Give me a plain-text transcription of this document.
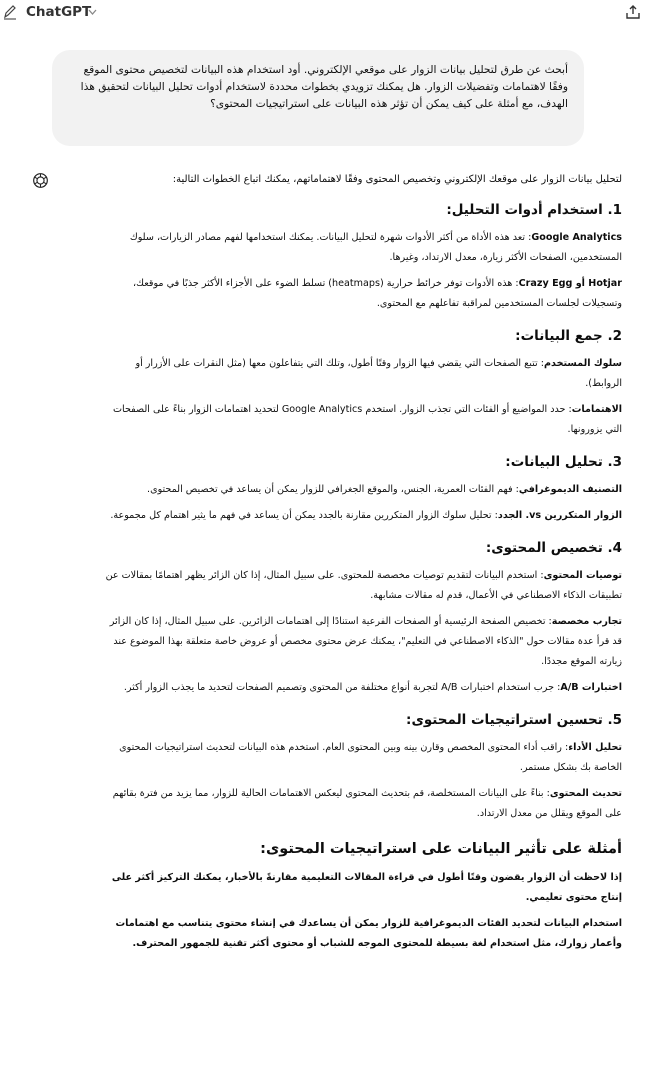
ChatGPT

أبحث عن طرق لتحليل بيانات الزوار على موقعي الإلكتروني. أود استخدام هذه البيانات لتخصيص محتوى الموقع وفقًا لاهتمامات وتفضيلات الزوار. هل يمكنك تزويدي بخطوات محددة لاستخدام أدوات تحليل البيانات لتحقيق هذا الهدف، مع أمثلة على كيف يمكن أن تؤثر هذه البيانات على استراتيجيات المحتوى؟

لتحليل بيانات الزوار على موقعك الإلكتروني وتخصيص المحتوى وفقًا لاهتماماتهم، يمكنك اتباع الخطوات التالية:

1. استخدام أدوات التحليل:

Google Analytics: تعد هذه الأداة من أكثر الأدوات شهرة لتحليل البيانات. يمكنك استخدامها لفهم مصادر الزيارات، سلوك المستخدمين، الصفحات الأكثر زيارة، معدل الارتداد، وغيرها.

Hotjar أو Crazy Egg: هذه الأدوات توفر خرائط حرارية (heatmaps) تسلط الضوء على الأجزاء الأكثر جذبًا في موقعك، وتسجيلات لجلسات المستخدمين لمراقبة تفاعلهم مع المحتوى.

2. جمع البيانات:

سلوك المستخدم: تتبع الصفحات التي يقضي فيها الزوار وقتًا أطول، وتلك التي يتفاعلون معها (مثل النقرات على الأزرار أو الروابط).

الاهتمامات: حدد المواضيع أو الفئات التي تجذب الزوار. استخدم Google Analytics لتحديد اهتمامات الزوار بناءً على الصفحات التي يزورونها.

3. تحليل البيانات:

التصنيف الديموغرافي: فهم الفئات العمرية، الجنس، والموقع الجغرافي للزوار يمكن أن يساعد في تخصيص المحتوى.

الزوار المتكررين vs. الجدد: تحليل سلوك الزوار المتكررين مقارنة بالجدد يمكن أن يساعد في فهم ما يثير اهتمام كل مجموعة.

4. تخصيص المحتوى:

توصيات المحتوى: استخدم البيانات لتقديم توصيات مخصصة للمحتوى. على سبيل المثال، إذا كان الزائر يظهر اهتمامًا بمقالات عن تطبيقات الذكاء الاصطناعي في الأعمال، قدم له مقالات مشابهة.

تجارب مخصصة: تخصيص الصفحة الرئيسية أو الصفحات الفرعية استنادًا إلى اهتمامات الزائرين. على سبيل المثال، إذا كان الزائر قد قرأ عدة مقالات حول "الذكاء الاصطناعي في التعليم"، يمكنك عرض محتوى مخصص أو عروض خاصة متعلقة بهذا الموضوع عند زيارته الموقع مجددًا.

اختبارات A/B: جرب استخدام اختبارات A/B لتجربة أنواع مختلفة من المحتوى وتصميم الصفحات لتحديد ما يجذب الزوار أكثر.

5. تحسين استراتيجيات المحتوى:

تحليل الأداء: راقب أداء المحتوى المخصص وقارن بينه وبين المحتوى العام. استخدم هذه البيانات لتحديث استراتيجيات المحتوى الخاصة بك بشكل مستمر.

تحديث المحتوى: بناءً على البيانات المستخلصة، قم بتحديث المحتوى ليعكس الاهتمامات الحالية للزوار، مما يزيد من فترة بقائهم على الموقع ويقلل من معدل الارتداد.

أمثلة على تأثير البيانات على استراتيجيات المحتوى:

إذا لاحظت أن الزوار يقضون وقتًا أطول في قراءة المقالات التعليمية مقارنةً بالأخبار، يمكنك التركيز أكثر على إنتاج محتوى تعليمي.

استخدام البيانات لتحديد الفئات الديموغرافية للزوار يمكن أن يساعدك في إنشاء محتوى يتناسب مع اهتمامات وأعمار زوارك، مثل استخدام لغة بسيطة للمحتوى الموجه للشباب أو محتوى أكثر تقنية للجمهور المحترف.
